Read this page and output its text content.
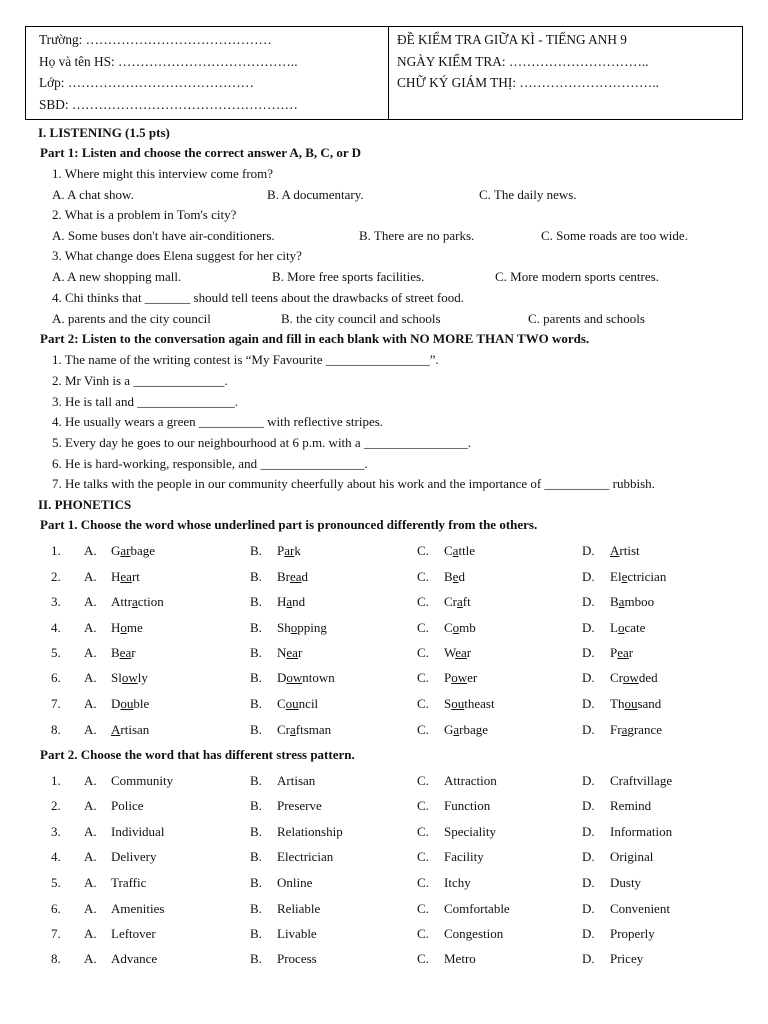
Trường: ……………………………………
Họ và tên HS: …………………………………..
Lớp: ……………………………………
SBD: ……………………………………………
ĐỀ KIỂM TRA GIỮA KÌ - TIẾNG ANH 9
NGÀY KIỂM TRA: …………………………..
CHỮ KÝ GIÁM THỊ: …………………………..
I. LISTENING (1.5 pts)
Part 1: Listen and choose the correct answer A, B, C, or D
1. Where might this interview come from?
A. A chat show.	B. A documentary.	C. The daily news.
2. What is a problem in Tom's city?
A. Some buses don't have air-conditioners.	B. There are no parks.	C. Some roads are too wide.
3. What change does Elena suggest for her city?
A. A new shopping mall.	B. More free sports facilities.	C. More modern sports centres.
4. Chi thinks that _______ should tell teens about the drawbacks of street food.
A. parents and the city council	B. the city council and schools	C. parents and schools
Part 2: Listen to the conversation again and fill in each blank with NO MORE THAN TWO words.
1. The name of the writing contest is “My Favourite ________________”.
2. Mr Vinh is a ______________.
3. He is tall and _______________.
4. He usually wears a green __________ with reflective stripes.
5. Every day he goes to our neighbourhood at 6 p.m. with a ________________.
6. He is hard-working, responsible, and ________________.
7. He talks with the people in our community cheerfully about his work and the importance of __________ rubbish.
II. PHONETICS
Part 1. Choose the word whose underlined part is pronounced differently from the others.
1. A. Garbage	B. Park	C. Cattle	D. Artist
2. A. Heart	B. Bread	C. Bed	D. Electrician
3. A. Attraction	B. Hand	C. Craft	D. Bamboo
4. A. Home	B. Shopping	C. Comb	D. Locate
5. A. Bear	B. Near	C. Wear	D. Pear
6. A. Slowly	B. Downtown	C. Power	D. Crowded
7. A. Double	B. Council	C. Southeast	D. Thousand
8. A. Artisan	B. Craftsman	C. Garbage	D. Fragrance
Part 2. Choose the word that has different stress pattern.
1. A. Community	B. Artisan	C. Attraction	D. Craftvillage
2. A. Police	B. Preserve	C. Function	D. Remind
3. A. Individual	B. Relationship	C. Speciality	D. Information
4. A. Delivery	B. Electrician	C. Facility	D. Original
5. A. Traffic	B. Online	C. Itchy	D. Dusty
6. A. Amenities	B. Reliable	C. Comfortable	D. Convenient
7. A. Leftover	B. Livable	C. Congestion	D. Properly
8. A. Advance	B. Process	C. Metro	D. Pricey
